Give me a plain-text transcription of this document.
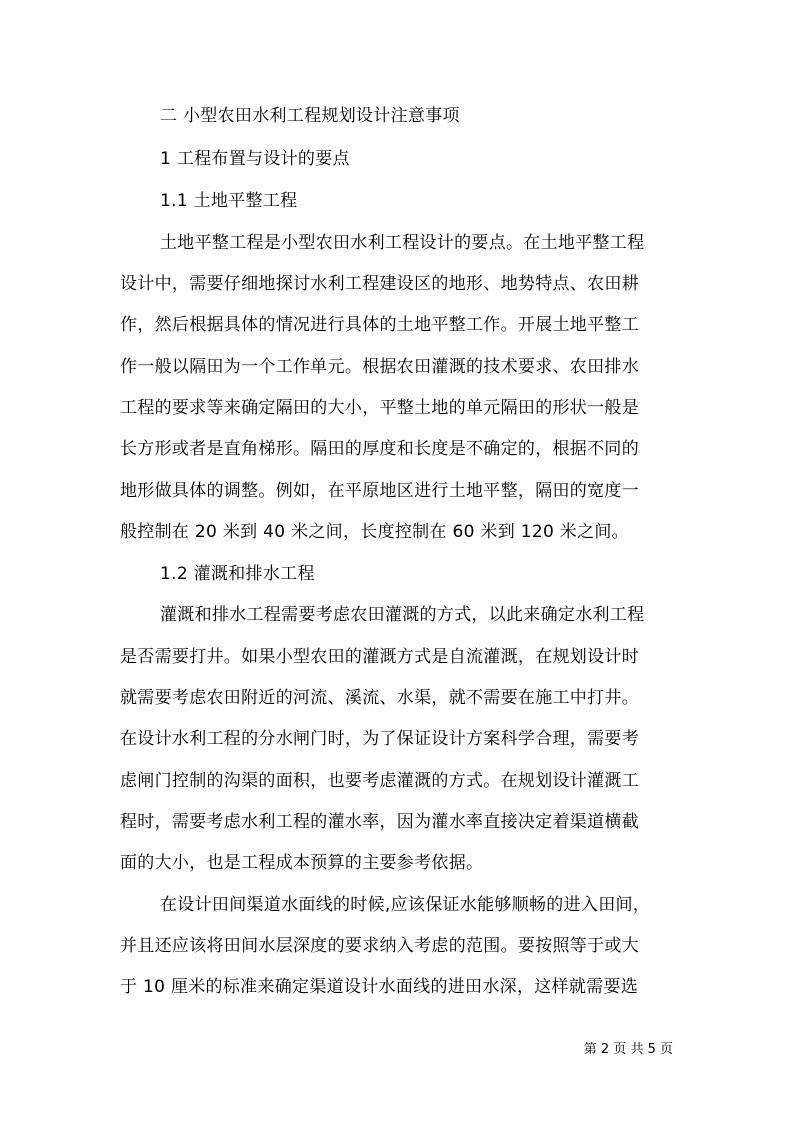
二 小型农田水利工程规划设计注意事项
1 工程布置与设计的要点
1.1 土地平整工程
土地平整工程是小型农田水利工程设计的要点。在土地平整工程
设计中，需要仔细地探讨水利工程建设区的地形、地势特点、农田耕
作，然后根据具体的情况进行具体的土地平整工作。开展土地平整工
作一般以隔田为一个工作单元。根据农田灌溉的技术要求、农田排水
工程的要求等来确定隔田的大小，平整土地的单元隔田的形状一般是
长方形或者是直角梯形。隔田的厚度和长度是不确定的，根据不同的
地形做具体的调整。例如，在平原地区进行土地平整，隔田的宽度一
般控制在 20 米到 40 米之间，长度控制在 60 米到 120 米之间。
1.2 灌溉和排水工程
灌溉和排水工程需要考虑农田灌溉的方式，以此来确定水利工程
是否需要打井。如果小型农田的灌溉方式是自流灌溉，在规划设计时
就需要考虑农田附近的河流、溪流、水渠，就不需要在施工中打井。
在设计水利工程的分水闸门时，为了保证设计方案科学合理，需要考
虑闸门控制的沟渠的面积，也要考虑灌溉的方式。在规划设计灌溉工
程时，需要考虑水利工程的灌水率，因为灌水率直接决定着渠道横截
面的大小，也是工程成本预算的主要参考依据。
在设计田间渠道水面线的时候,应该保证水能够顺畅的进入田间，
并且还应该将田间水层深度的要求纳入考虑的范围。要按照等于或大
于 10 厘米的标准来确定渠道设计水面线的进田水深，这样就需要选
第 2 页 共 5 页
